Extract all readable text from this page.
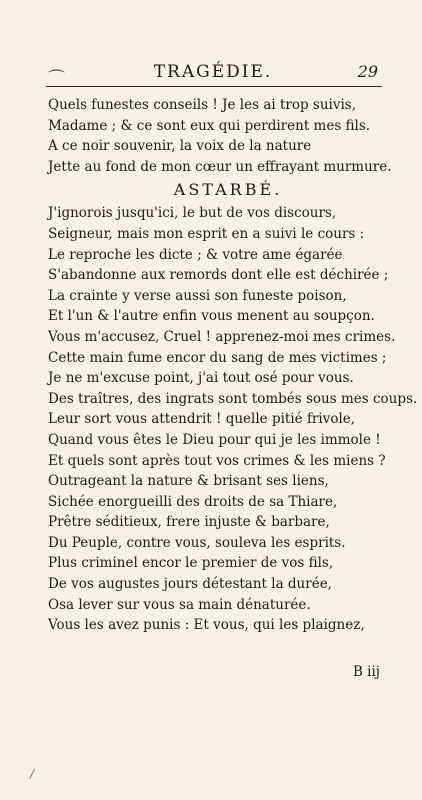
⌒	TRAGÉDIE.	29
Quels funestes conseils ! Je les ai trop suivis,
Madame ; & ce sont eux qui perdirent mes fils.
A ce noir souvenir, la voix de la nature
Jette au fond de mon cœur un effrayant murmure.
ASTARBÉ.
J'ignorois jusqu'ici, le but de vos discours,
Seigneur, mais mon esprit en a suivi le cours :
Le reproche les dicte ; & votre ame égarée
S'abandonne aux remords dont elle est déchirée ;
La crainte y verse aussi son funeste poison,
Et l'un & l'autre enfin vous menent au soupçon.
Vous m'accusez, Cruel ! apprenez-moi mes crimes.
Cette main fume encor du sang de mes victimes ;
Je ne m'excuse point, j'ai tout osé pour vous.
Des traîtres, des ingrats sont tombés sous mes coups.
Leur sort vous attendrit ! quelle pitié frivole,
Quand vous êtes le Dieu pour qui je les immole !
Et quels sont après tout vos crimes & les miens ?
Outrageant la nature & brisant ses liens,
Sichée enorgueilli des droits de sa Thiare,
Prêtre séditieux, frere injuste & barbare,
Du Peuple, contre vous, souleva les esprits.
Plus criminel encor le premier de vos fils,
De vos augustes jours détestant la durée,
Osa lever sur vous sa main dénaturée.
Vous les avez punis : Et vous, qui les plaignez,
B iij
/
